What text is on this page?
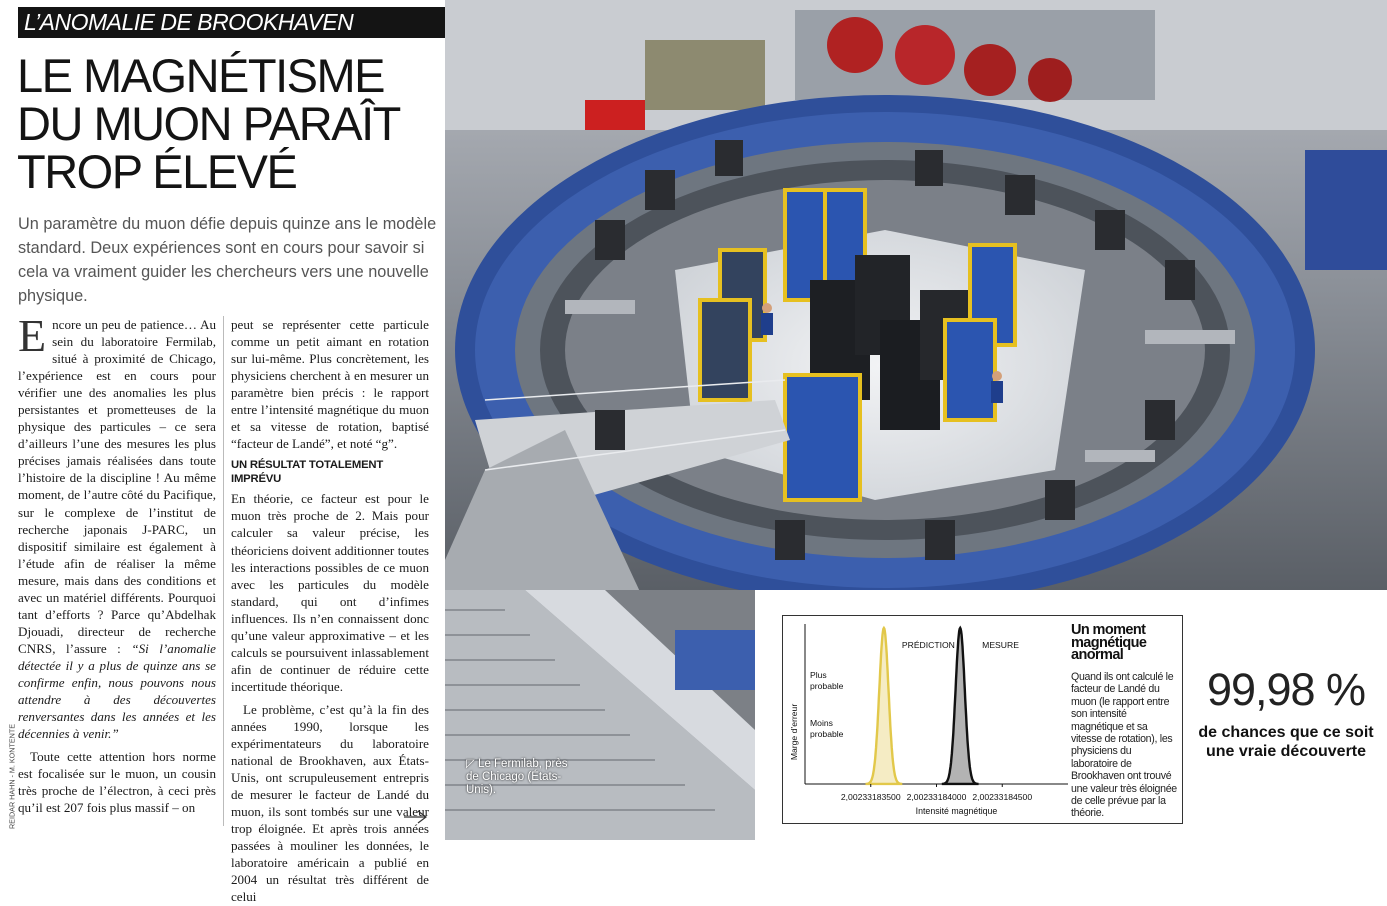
L’ANOMALIE DE BROOKHAVEN
LE MAGNÉTISME
DU MUON PARAÎT
TROP ÉLEVÉ

Un paramètre du muon défie depuis quinze ans le modèle standard. Deux expériences sont en cours pour savoir si cela va vraiment guider les chercheurs vers une nouvelle physique.

REIDAR HAHN - M. KONTENTE

Encore un peu de patience… Au sein du laboratoire Fermilab, situé à proximité de Chicago, l’expérience est en cours pour vérifier une des anomalies les plus persistantes et prometteuses de la physique des particules – ce sera d’ailleurs l’une des mesures les plus précises jamais réalisées dans toute l’histoire de la discipline ! Au même moment, de l’autre côté du Pacifique, sur le complexe de l’institut de recherche japonais J-PARC, un dispositif similaire est également à l’étude afin de réaliser la même mesure, mais dans des conditions et avec un matériel différents. Pourquoi tant d’efforts ? Parce qu’Abdelhak Djouadi, directeur de recherche CNRS, l’assure : “Si l’anomalie détectée il y a plus de quinze ans se confirme enfin, nous pouvons nous attendre à des découvertes renversantes dans les années et les décennies à venir.”

Toute cette attention hors norme est focalisée sur le muon, un cousin très proche de l’électron, à ceci près qu’il est 207 fois plus massif – on

peut se représenter cette particule comme un petit aimant en rotation sur lui-même. Plus concrètement, les physiciens cherchent à en mesurer un paramètre bien précis : le rapport entre l’intensité magnétique du muon et sa vitesse de rotation, baptisé “facteur de Landé”, et noté “g”.

UN RÉSULTAT TOTALEMENT IMPRÉVU

En théorie, ce facteur est pour le muon très proche de 2. Mais pour calculer sa valeur précise, les théoriciens doivent additionner toutes les interactions possibles de ce muon avec les particules du modèle standard, qui ont d’infimes influences. Ils n’en connaissent donc qu’une valeur approximative – et les calculs se poursuivent inlassablement afin de continuer de réduire cette incertitude théorique.

Le problème, c’est qu’à la fin des années 1990, lorsque les expérimentateurs du laboratoire national de Brookhaven, aux États-Unis, ont scrupuleusement entrepris de mesurer le facteur de Landé du muon, ils sont tombés sur une valeur trop éloignée. Et après trois années passées à mouliner les données, le laboratoire américain a publié en 2004 un résultat très différent de celui

◸ Le Fermilab, près de Chicago (États-Unis).
PRÉDICTION	MESURE
2,00233183500 2,00233184000 2,00233184500
Intensité magnétique
Marge d’erreur
Plus
probable
Moins
probable
Un moment magnétique anormal

Quand ils ont calculé le facteur de Landé du muon (le rapport entre son intensité magnétique et sa vitesse de rotation), les physiciens du laboratoire de Brookhaven ont trouvé une valeur très éloignée de celle prévue par la théorie.

99,98 %
de chances que ce soit une vraie découverte
